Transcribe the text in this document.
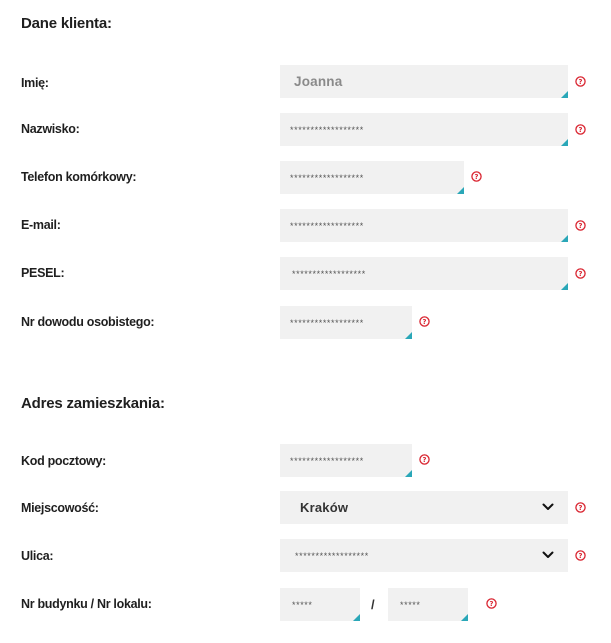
Dane klienta:
Imię:	Joanna	?
Nazwisko:	******************	?
Telefon komórkowy:	******************	?
E-mail:	******************	?
PESEL:	******************	?
Nr dowodu osobistego:	******************	?
Adres zamieszkania:
Kod pocztowy:	******************	?
Miejscowość:	Kraków	?
Ulica:	******************	?
Nr budynku / Nr lokalu:	*****	/	*****	?
